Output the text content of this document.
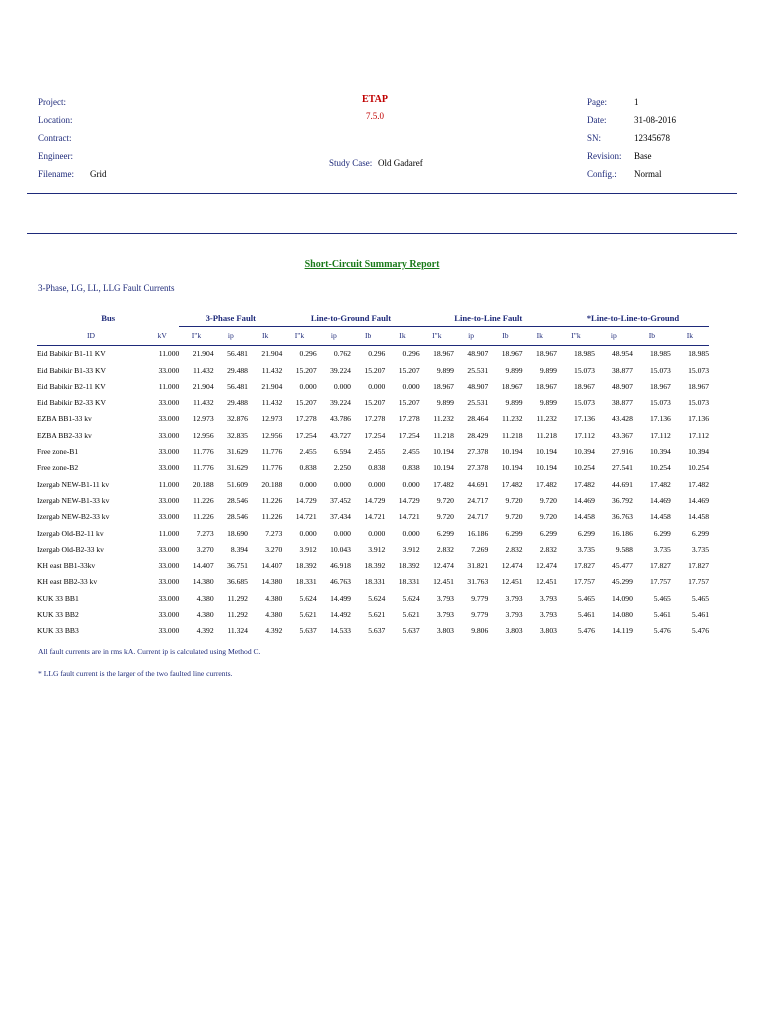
Project:
Location:
Contract:
Engineer:
Filename: Grid
ETAP
7.5.0
Study Case: Old Gadaref
Page:	1
Date:	31-08-2016
SN:	12345678
Revision: Base
Config.: Normal
Short-Circuit Summary Report
3-Phase, LG, LL, LLG Fault Currents
Bus		3-Phase Fault			Line-to-Ground Fault				Line-to-Line Fault				*Line-to-Line-to-Ground			
ID	kV	I"k	ip	Ik	I"k	ip	Ib	Ik	I"k	ip	Ib	Ik	I"k	ip	Ib	Ik
Eid Babikir B1-11 KV	11.000	21.904	56.481	21.904	0.296	0.762	0.296	0.296	18.967	48.907	18.967	18.967	18.985	48.954	18.985	18.985
Eid Babikir B1-33 KV	33.000	11.432	29.488	11.432	15.207	39.224	15.207	15.207	9.899	25.531	9.899	9.899	15.073	38.877	15.073	15.073
Eid Babikir B2-11 KV	11.000	21.904	56.481	21.904	0.000	0.000	0.000	0.000	18.967	48.907	18.967	18.967	18.967	48.907	18.967	18.967
Eid Babikir B2-33 KV	33.000	11.432	29.488	11.432	15.207	39.224	15.207	15.207	9.899	25.531	9.899	9.899	15.073	38.877	15.073	15.073
EZBA BB1-33 kv	33.000	12.973	32.876	12.973	17.278	43.786	17.278	17.278	11.232	28.464	11.232	11.232	17.136	43.428	17.136	17.136
EZBA BB2-33 kv	33.000	12.956	32.835	12.956	17.254	43.727	17.254	17.254	11.218	28.429	11.218	11.218	17.112	43.367	17.112	17.112
Free zone-B1	33.000	11.776	31.629	11.776	2.455	6.594	2.455	2.455	10.194	27.378	10.194	10.194	10.394	27.916	10.394	10.394
Free zone-B2	33.000	11.776	31.629	11.776	0.838	2.250	0.838	0.838	10.194	27.378	10.194	10.194	10.254	27.541	10.254	10.254
Izergab NEW-B1-11 kv	11.000	20.188	51.609	20.188	0.000	0.000	0.000	0.000	17.482	44.691	17.482	17.482	17.482	44.691	17.482	17.482
Izergab NEW-B1-33 kv	33.000	11.226	28.546	11.226	14.729	37.452	14.729	14.729	9.720	24.717	9.720	9.720	14.469	36.792	14.469	14.469
Izergab NEW-B2-33 kv	33.000	11.226	28.546	11.226	14.721	37.434	14.721	14.721	9.720	24.717	9.720	9.720	14.458	36.763	14.458	14.458
Izergab Old-B2-11 kv	11.000	7.273	18.690	7.273	0.000	0.000	0.000	0.000	6.299	16.186	6.299	6.299	6.299	16.186	6.299	6.299
Izergab Old-B2-33 kv	33.000	3.270	8.394	3.270	3.912	10.043	3.912	3.912	2.832	7.269	2.832	2.832	3.735	9.588	3.735	3.735
KH east BB1-33kv	33.000	14.407	36.751	14.407	18.392	46.918	18.392	18.392	12.474	31.821	12.474	12.474	17.827	45.477	17.827	17.827
KH east BB2-33 kv	33.000	14.380	36.685	14.380	18.331	46.763	18.331	18.331	12.451	31.763	12.451	12.451	17.757	45.299	17.757	17.757
KUK 33 BB1	33.000	4.380	11.292	4.380	5.624	14.499	5.624	5.624	3.793	9.779	3.793	3.793	5.465	14.090	5.465	5.465
KUK 33 BB2	33.000	4.380	11.292	4.380	5.621	14.492	5.621	5.621	3.793	9.779	3.793	3.793	5.461	14.080	5.461	5.461
KUK 33 BB3	33.000	4.392	11.324	4.392	5.637	14.533	5.637	5.637	3.803	9.806	3.803	3.803	5.476	14.119	5.476	5.476
All fault currents are in rms kA. Current ip is calculated using Method C.
* LLG fault current is the larger of the two faulted line currents.
